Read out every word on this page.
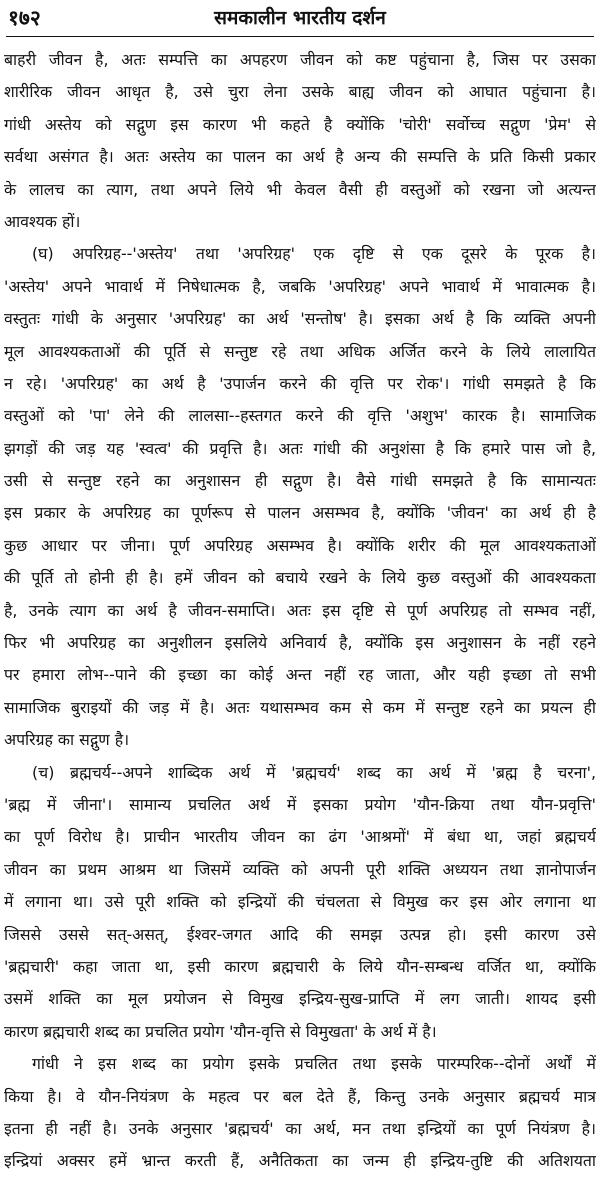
१७२	समकालीन भारतीय दर्शन
बाहरी जीवन है, अतः सम्पत्ति का अपहरण जीवन को कष्ट पहुंचाना है, जिस पर उसका
शारीरिक जीवन आधृत है, उसे चुरा लेना उसके बाह्य जीवन को आघात पहुंचाना है।
गांधी अस्तेय को सद्गुण इस कारण भी कहते है क्योंकि 'चोरी' सर्वोच्च सद्गुण 'प्रेम' से
सर्वथा असंगत है। अतः अस्तेय का पालन का अर्थ है अन्य की सम्पत्ति के प्रति किसी प्रकार
के लालच का त्याग, तथा अपने लिये भी केवल वैसी ही वस्तुओं को रखना जो अत्यन्त
आवश्यक हों।
(घ) अपरिग्रह--'अस्तेय' तथा 'अपरिग्रह' एक दृष्टि से एक दूसरे के पूरक है।
'अस्तेय' अपने भावार्थ में निषेधात्मक है, जबकि 'अपरिग्रह' अपने भावार्थ में भावात्मक है।
वस्तुतः गांधी के अनुसार 'अपरिग्रह' का अर्थ 'सन्तोष' है। इसका अर्थ है कि व्यक्ति अपनी
मूल आवश्यकताओं की पूर्ति से सन्तुष्ट रहे तथा अधिक अर्जित करने के लिये लालायित
न रहे। 'अपरिग्रह' का अर्थ है 'उपार्जन करने की वृत्ति पर रोक'। गांधी समझते है कि
वस्तुओं को 'पा' लेने की लालसा--हस्तगत करने की वृत्ति 'अशुभ' कारक है। सामाजिक
झगड़ों की जड़ यह 'स्वत्व' की प्रवृत्ति है। अतः गांधी की अनुशंसा है कि हमारे पास जो है,
उसी से सन्तुष्ट रहने का अनुशासन ही सद्गुण है। वैसे गांधी समझते है कि सामान्यतः
इस प्रकार के अपरिग्रह का पूर्णरूप से पालन असम्भव है, क्योंकि 'जीवन' का अर्थ ही है
कुछ आधार पर जीना। पूर्ण अपरिग्रह असम्भव है। क्योंकि शरीर की मूल आवश्यकताओं
की पूर्ति तो होनी ही है। हमें जीवन को बचाये रखने के लिये कुछ वस्तुओं की आवश्यकता
है, उनके त्याग का अर्थ है जीवन-समाप्ति। अतः इस दृष्टि से पूर्ण अपरिग्रह तो सम्भव नहीं,
फिर भी अपरिग्रह का अनुशीलन इसलिये अनिवार्य है, क्योंकि इस अनुशासन के नहीं रहने
पर हमारा लोभ--पाने की इच्छा का कोई अन्त नहीं रह जाता, और यही इच्छा तो सभी
सामाजिक बुराइयों की जड़ में है। अतः यथासम्भव कम से कम में सन्तुष्ट रहने का प्रयत्न ही
अपरिग्रह का सद्गुण है।
(च) ब्रह्मचर्य--अपने शाब्दिक अर्थ में 'ब्रह्मचर्य' शब्द का अर्थ में 'ब्रह्म है चरना',
'ब्रह्म में जीना'। सामान्य प्रचलित अर्थ में इसका प्रयोग 'यौन-क्रिया तथा यौन-प्रवृत्ति'
का पूर्ण विरोध है। प्राचीन भारतीय जीवन का ढंग 'आश्रमों' में बंधा था, जहां ब्रह्मचर्य
जीवन का प्रथम आश्रम था जिसमें व्यक्ति को अपनी पूरी शक्ति अध्ययन तथा ज्ञानोपार्जन
में लगाना था। उसे पूरी शक्ति को इन्द्रियों की चंचलता से विमुख कर इस ओर लगाना था
जिससे उससे सत्-असत्, ईश्वर-जगत आदि की समझ उत्पन्न हो। इसी कारण उसे
'ब्रह्मचारी' कहा जाता था, इसी कारण ब्रह्मचारी के लिये यौन-सम्बन्ध वर्जित था, क्योंकि
उसमें शक्ति का मूल प्रयोजन से विमुख इन्द्रिय-सुख-प्राप्ति में लग जाती। शायद इसी
कारण ब्रह्मचारी शब्द का प्रचलित प्रयोग 'यौन-वृत्ति से विमुखता' के अर्थ में है।
गांधी ने इस शब्द का प्रयोग इसके प्रचलित तथा इसके पारम्परिक--दोनों अर्थों में
किया है। वे यौन-नियंत्रण के महत्व पर बल देते हैं, किन्तु उनके अनुसार ब्रह्मचर्य मात्र
इतना ही नहीं है। उनके अनुसार 'ब्रह्मचर्य' का अर्थ, मन तथा इन्द्रियों का पूर्ण नियंत्रण है।
इन्द्रियां अक्सर हमें भ्रान्त करती हैं, अनैतिकता का जन्म ही इन्द्रिय-तुष्टि की अतिशयता
